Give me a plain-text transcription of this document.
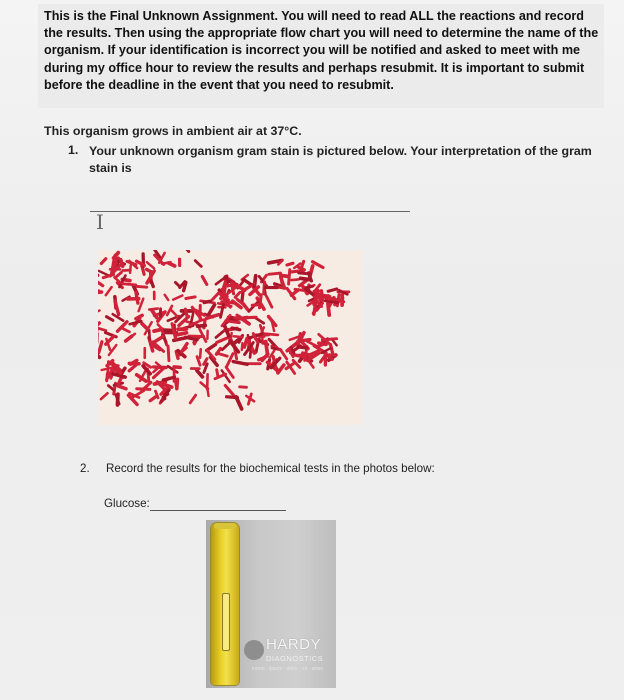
This is the Final Unknown Assignment. You will need to read ALL the reactions and record the results. Then using the appropriate flow chart you will need to determine the name of the organism. If your identification is incorrect you will be notified and asked to meet with me during my office hour to review the results and perhaps resubmit. It is important to submit before the deadline in the event that you need to resubmit.
This organism grows in ambient air at 37°C.
1. Your unknown organism gram stain is pictured below. Your interpretation of the gram stain is
I
2. Record the results for the biochemical tests in the photos below:
Glucose:
HARDY
DIAGNOSTICS
lorem · ipsum · dolor · sit · amet
